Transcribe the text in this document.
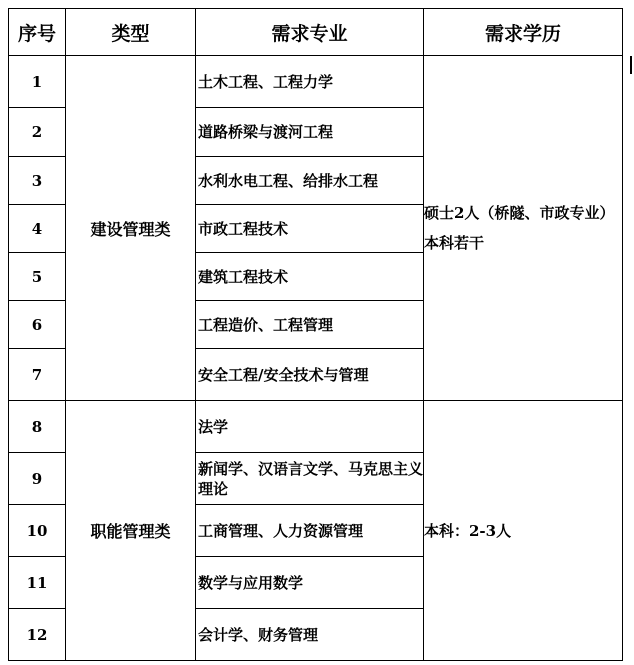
序号	类型	需求专业	需求学历
1	建设管理类	土木工程、工程力学	硕士2人（桥隧、市政专业）
本科若干

2		道路桥梁与渡河工程	
3		水利水电工程、给排水工程	
4		市政工程技术	
5		建筑工程技术	
6		工程造价、工程管理	
7		安全工程/安全技术与管理	
8	职能管理类	法学	本科：2-3人

9		新闻学、汉语言文学、马克思主义理论	
10		工商管理、人力资源管理	
11		数学与应用数学	
12		会计学、财务管理	
